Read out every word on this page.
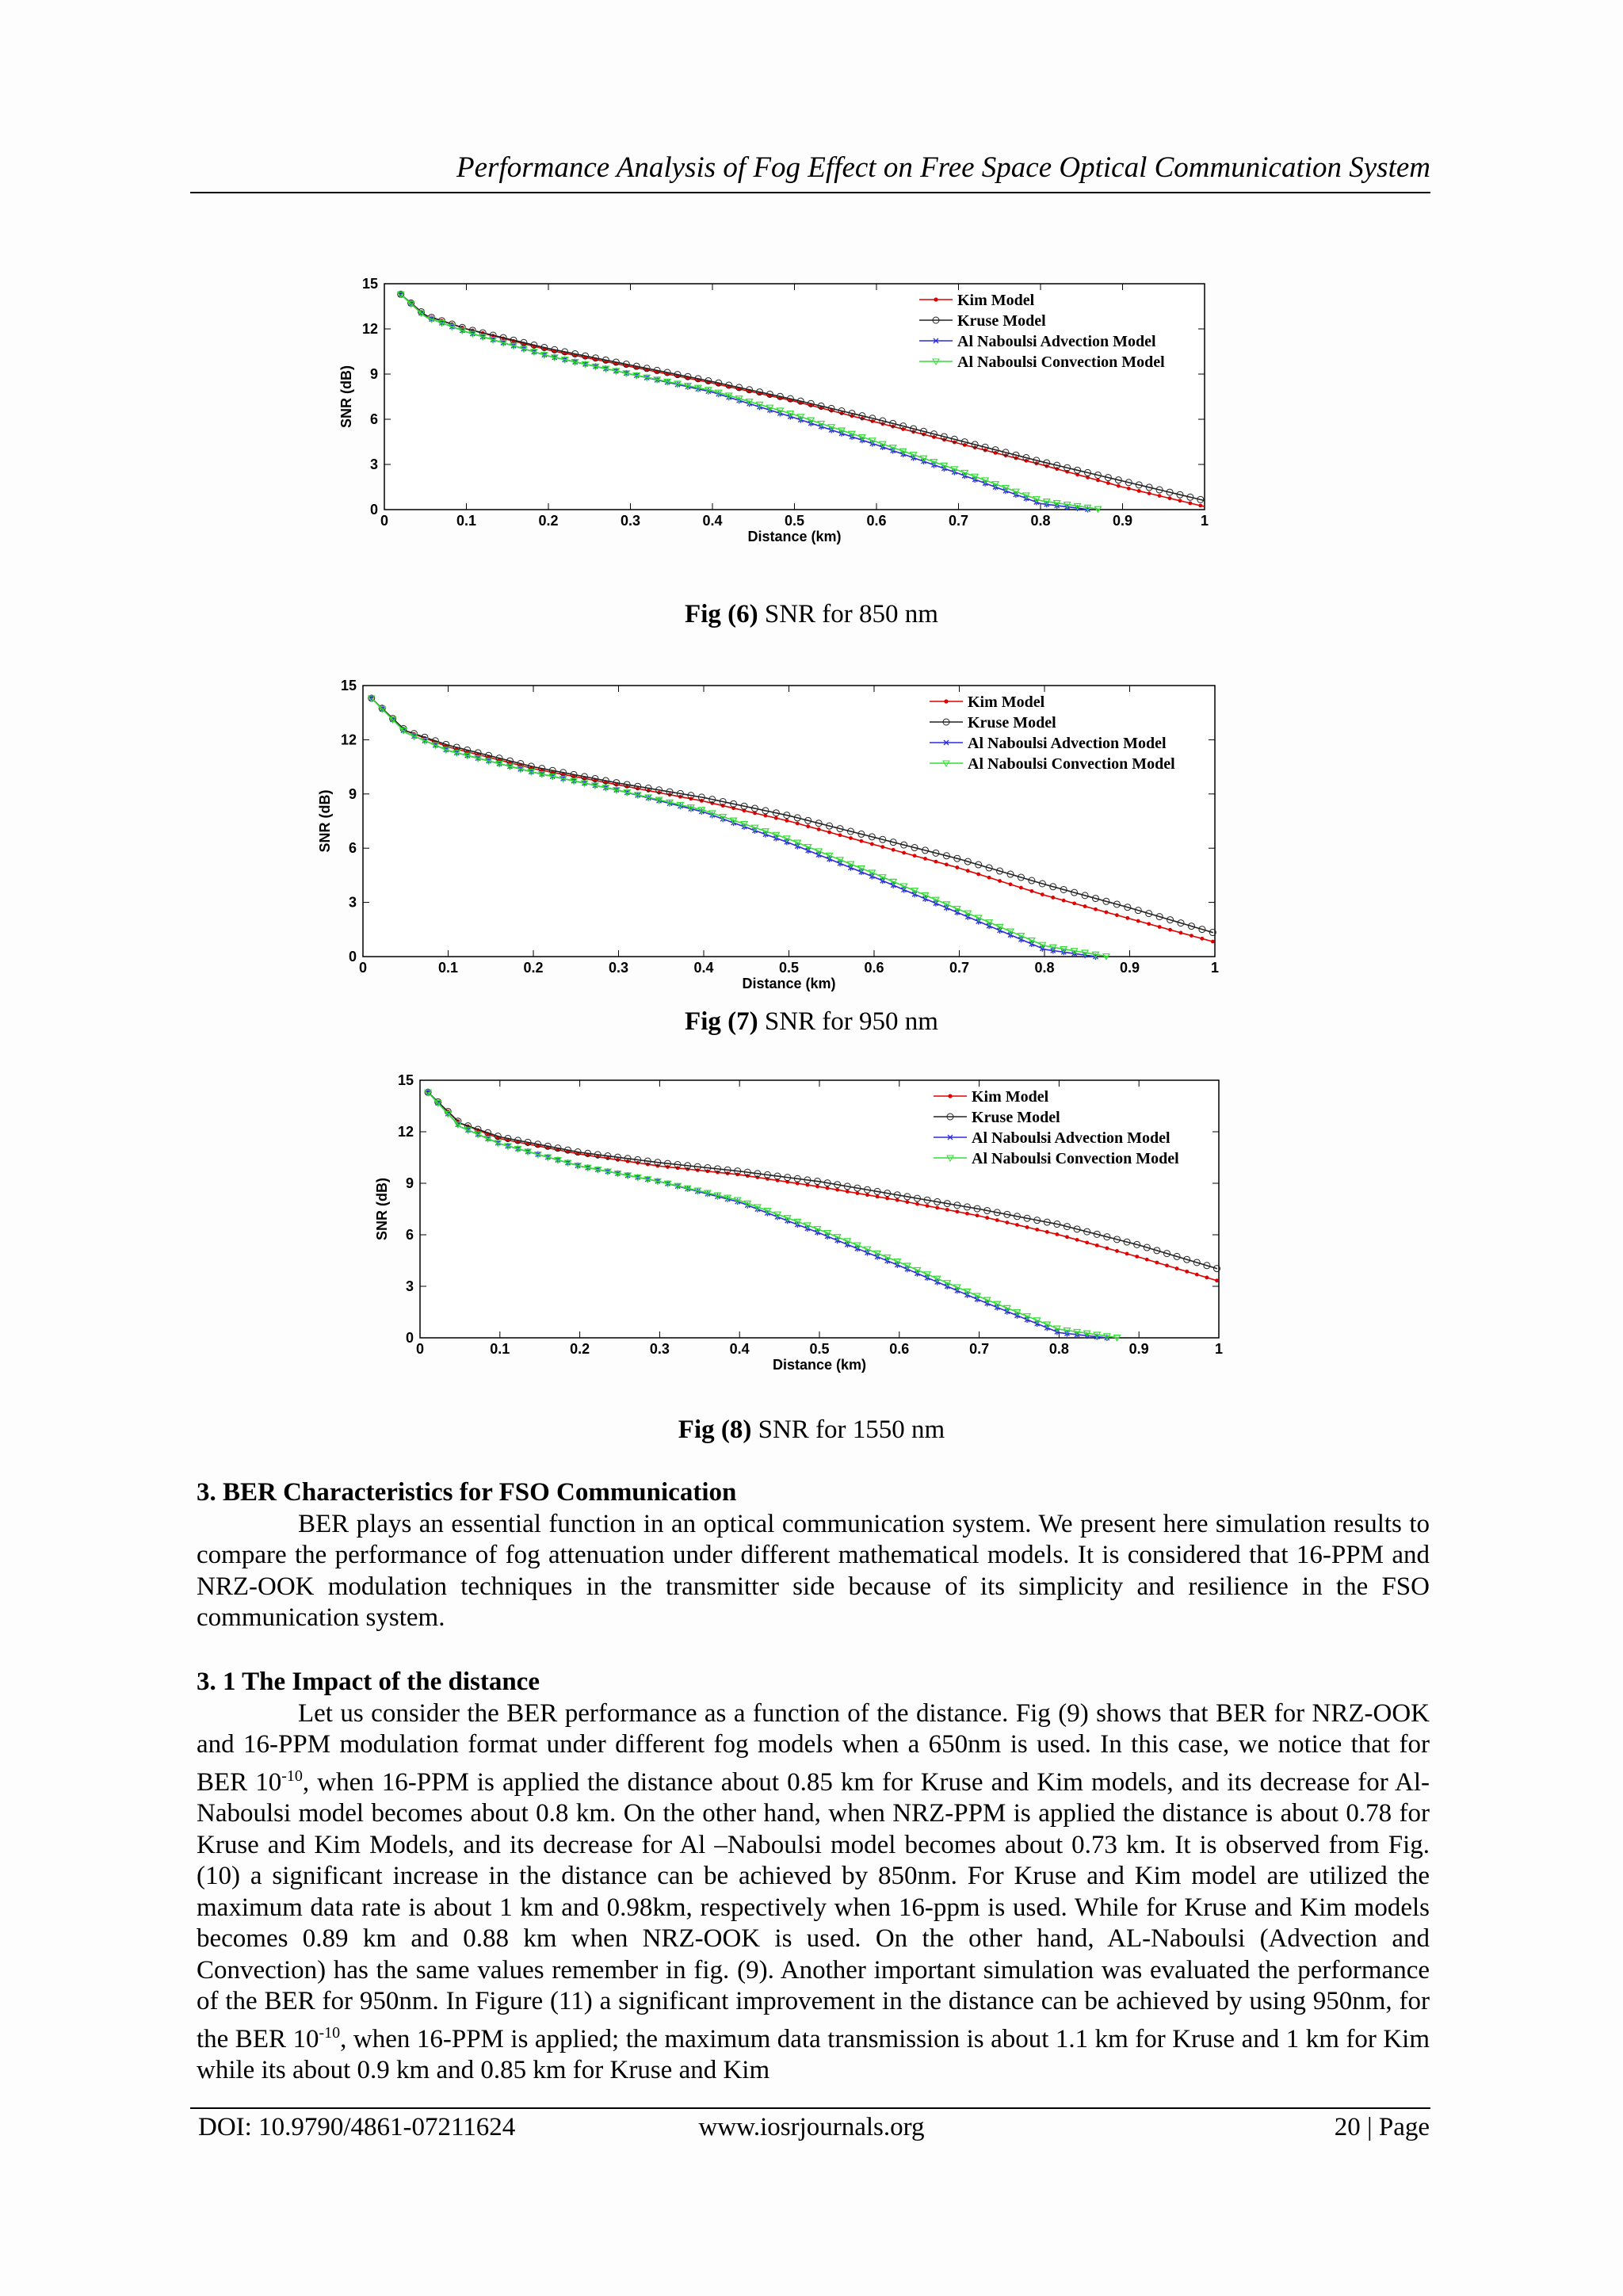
Performance Analysis of Fog Effect on Free Space Optical Communication System
0	0.1	0.2	0.3	0.4	0.5	0.6	0.7	0.8	0.9	1
0
3
6
9
12
15
Distance (km)
SNR (dB)
Kim Model
Kruse Model
Al Naboulsi Advection Model
Al Naboulsi Convection Model
Fig (6) SNR for 850 nm
0	0.1	0.2	0.3	0.4	0.5	0.6	0.7	0.8	0.9	1
0
3
6
9
12
15
Distance (km)
SNR (dB)
Kim Model
Kruse Model
Al Naboulsi Advection Model
Al Naboulsi Convection Model
Fig (7) SNR for 950 nm
0	0.1	0.2	0.3	0.4	0.5	0.6	0.7	0.8	0.9	1
0
3
6
9
12
15
Distance (km)
SNR (dB)
Kim Model
Kruse Model
Al Naboulsi Advection Model
Al Naboulsi Convection Model
Fig (8) SNR for 1550 nm
3. BER Characteristics for FSO Communication

BER plays an essential function in an optical communication system. We present here simulation results to compare the performance of fog attenuation under different mathematical models. It is considered that 16-PPM and NRZ-OOK modulation techniques in the transmitter side because of its simplicity and resilience in the FSO communication system.

3. 1 The Impact of the distance

Let us consider the BER performance as a function of the distance. Fig (9) shows that BER for NRZ-OOK and 16-PPM modulation format under different fog models when a 650nm is used. In this case, we notice that for BER $10^{-10}$, when 16-PPM is applied the distance about 0.85 km for Kruse and Kim models, and its decrease for Al-Naboulsi model becomes about 0.8 km. On the other hand, when NRZ-PPM is applied the distance is about 0.78 for Kruse and Kim Models, and its decrease for Al –Naboulsi model becomes about 0.73 km. It is observed from Fig. (10) a significant increase in the distance can be achieved by 850nm. For Kruse and Kim model are utilized the maximum data rate is about 1 km and 0.98km, respectively when 16-ppm is used. While for Kruse and Kim models becomes 0.89 km and 0.88 km when NRZ-OOK is used. On the other hand, AL-Naboulsi (Advection and Convection) has the same values remember in fig. (9). Another important simulation was evaluated the performance of the BER for 950nm. In Figure (11) a significant improvement in the distance can be achieved by using 950nm, for the BER $10^{-10}$, when 16-PPM is applied; the maximum data transmission is about 1.1 km for Kruse and 1 km for Kim while its about 0.9 km and 0.85 km for Kruse and Kim

DOI: 10.9790/4861-07211624	www.iosrjournals.org	20 | Page
